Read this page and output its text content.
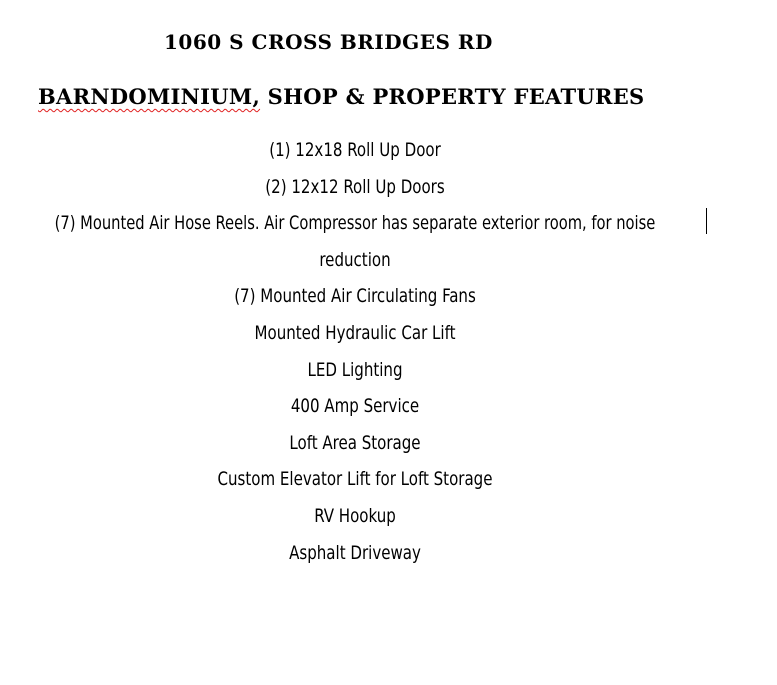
1060 S CROSS BRIDGES RD
BARNDOMINIUM, SHOP & PROPERTY FEATURES
(1) 12x18 Roll Up Door
(2) 12x12 Roll Up Doors
(7) Mounted Air Hose Reels. Air Compressor has separate exterior room, for noise
reduction
(7) Mounted Air Circulating Fans
Mounted Hydraulic Car Lift
LED Lighting
400 Amp Service
Loft Area Storage
Custom Elevator Lift for Loft Storage
RV Hookup
Asphalt Driveway
